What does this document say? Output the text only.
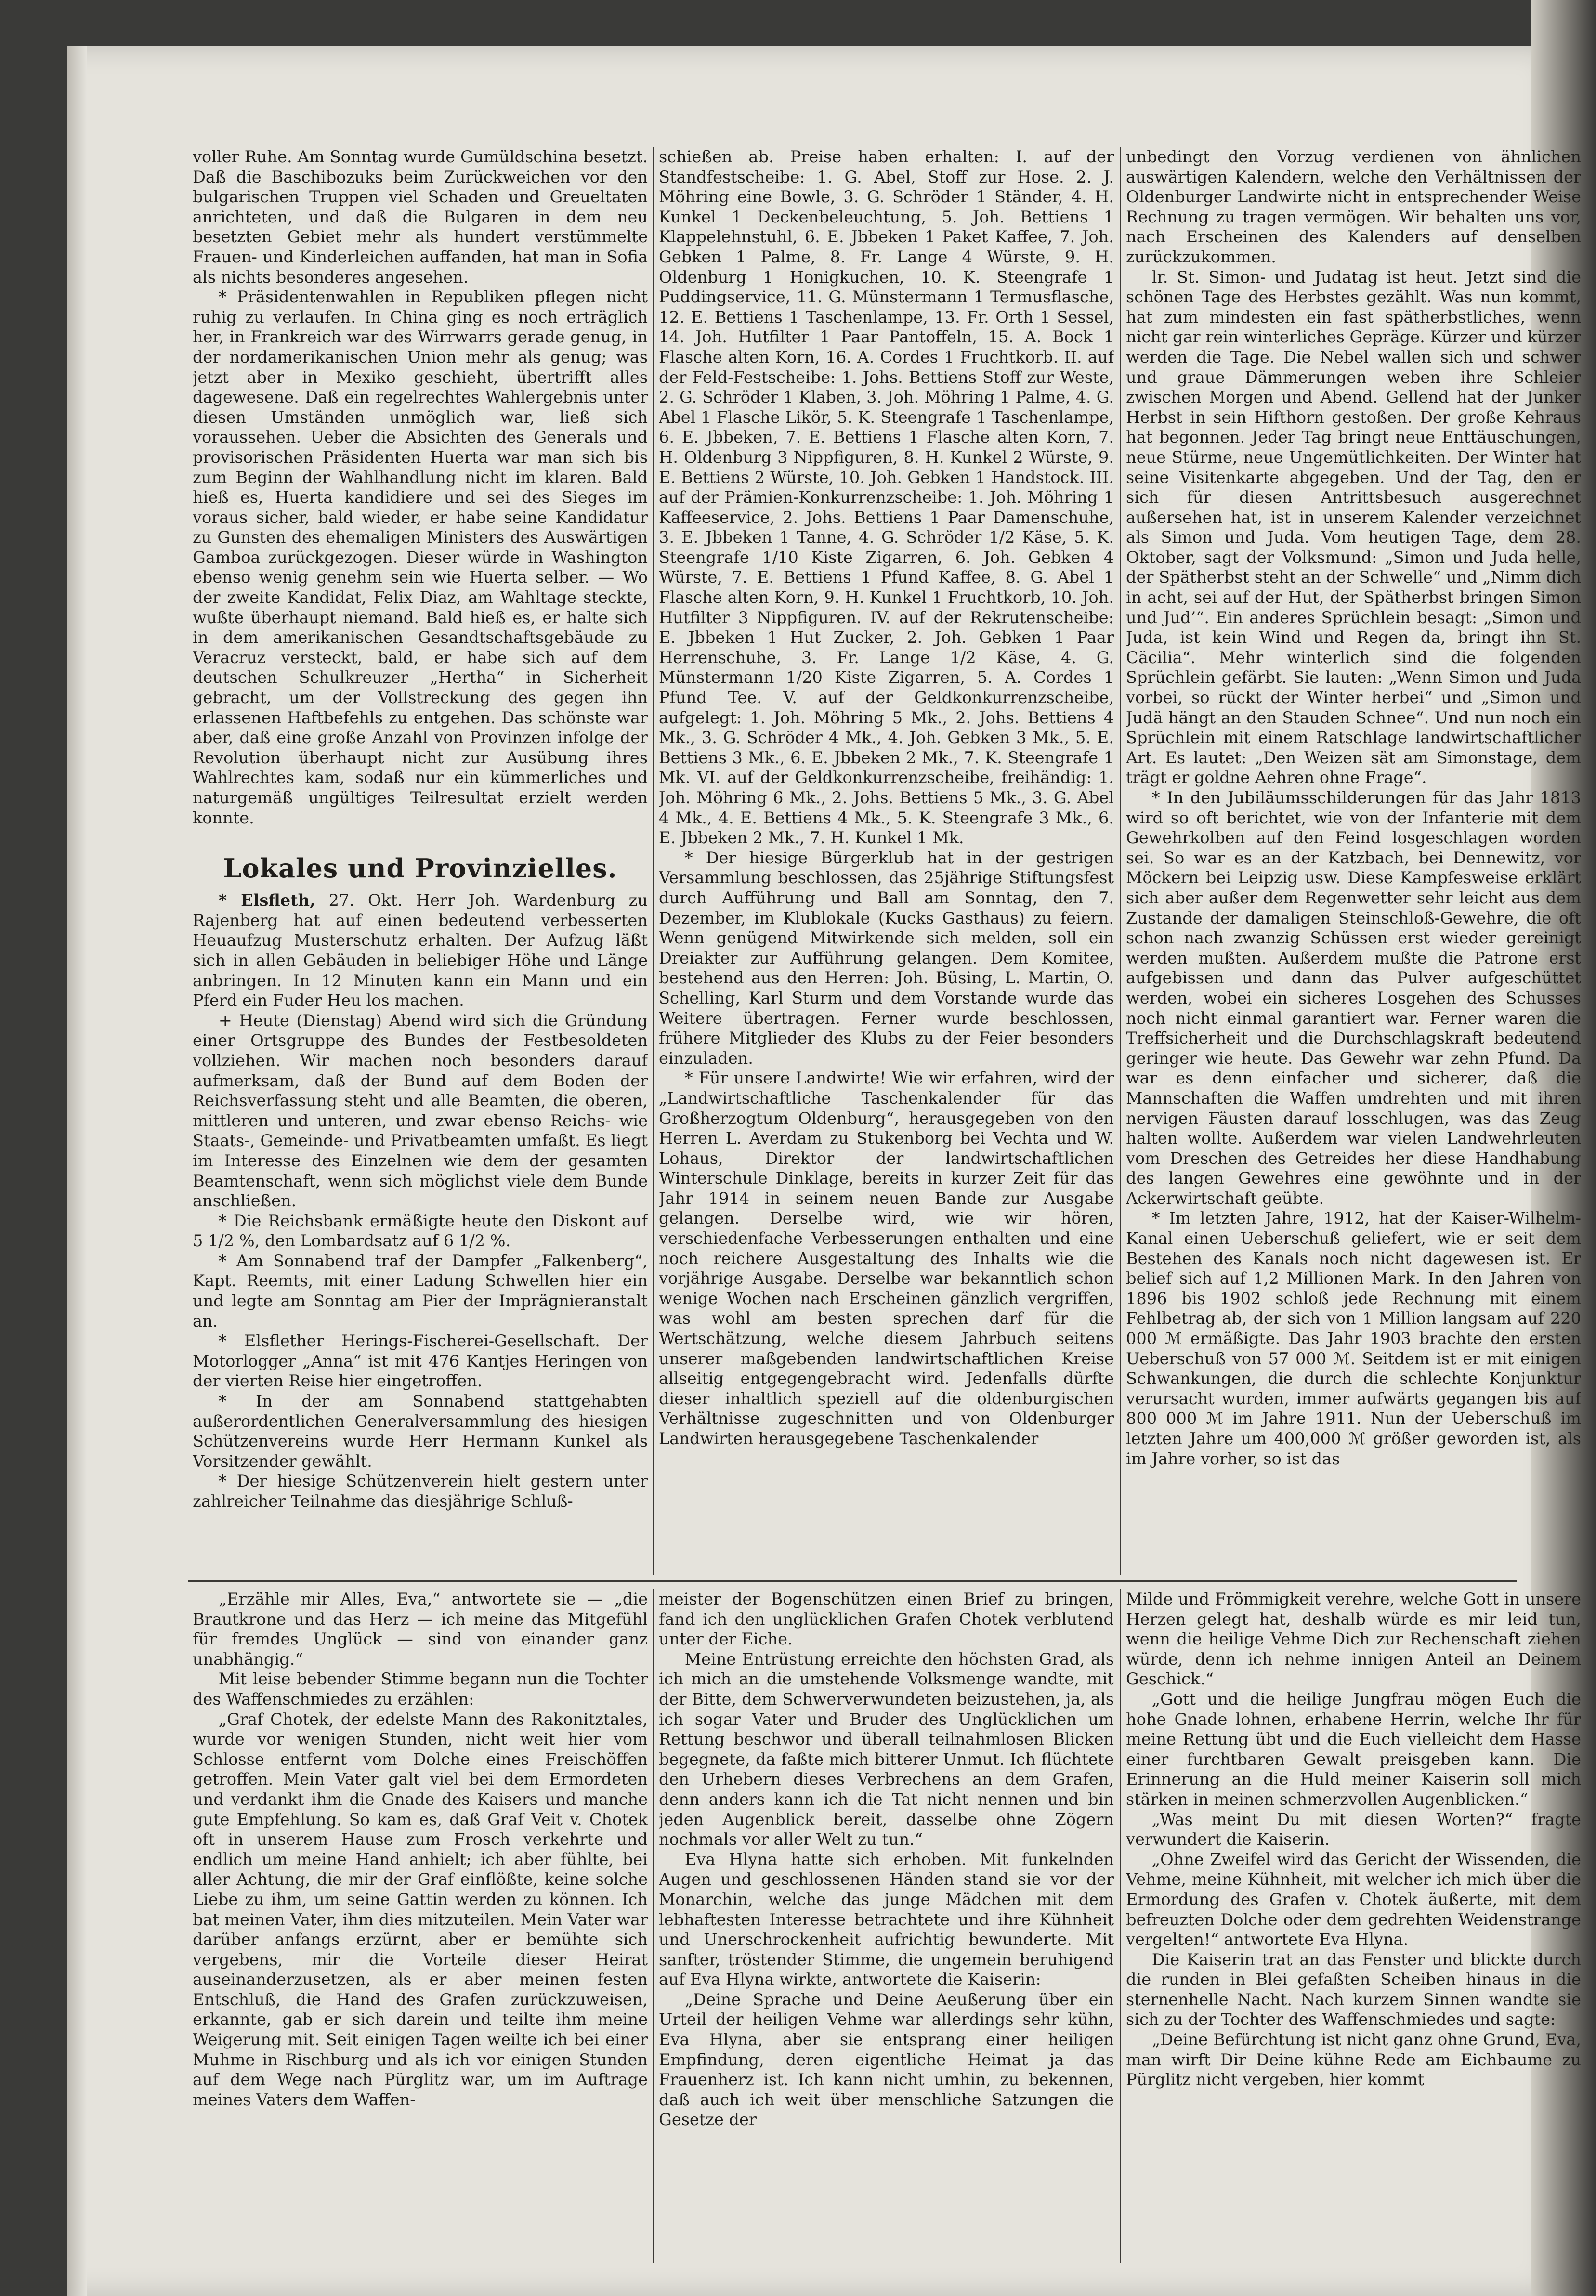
voller Ruhe. Am Sonntag wurde Gumüldschina besetzt. Daß die Baschibozuks beim Zurückweichen vor den bulgarischen Truppen viel Schaden und Greueltaten anrichteten, und daß die Bulgaren in dem neu besetzten Gebiet mehr als hundert verstümmelte Frauen- und Kinderleichen auffanden, hat man in Sofia als nichts besonderes angesehen.

* Präsidentenwahlen in Republiken pflegen nicht ruhig zu verlaufen. In China ging es noch erträglich her, in Frankreich war des Wirrwarrs gerade genug, in der nordamerikanischen Union mehr als genug; was jetzt aber in Mexiko geschieht, übertrifft alles dagewesene. Daß ein regelrechtes Wahlergebnis unter diesen Umständen unmöglich war, ließ sich voraussehen. Ueber die Absichten des Generals und provisorischen Präsidenten Huerta war man sich bis zum Beginn der Wahlhandlung nicht im klaren. Bald hieß es, Huerta kandidiere und sei des Sieges im voraus sicher, bald wieder, er habe seine Kandidatur zu Gunsten des ehemaligen Ministers des Auswärtigen Gamboa zurückgezogen. Dieser würde in Washington ebenso wenig genehm sein wie Huerta selber. — Wo der zweite Kandidat, Felix Diaz, am Wahltage steckte, wußte überhaupt niemand. Bald hieß es, er halte sich in dem amerikanischen Gesandtschaftsgebäude zu Veracruz versteckt, bald, er habe sich auf dem deutschen Schulkreuzer „Hertha“ in Sicherheit gebracht, um der Vollstreckung des gegen ihn erlassenen Haftbefehls zu entgehen. Das schönste war aber, daß eine große Anzahl von Provinzen infolge der Revolution überhaupt nicht zur Ausübung ihres Wahlrechtes kam, sodaß nur ein kümmerliches und naturgemäß ungültiges Teilresultat erzielt werden konnte.

Lokales und Provinzielles.

* Elsfleth, 27. Okt. Herr Joh. Wardenburg zu Rajenberg hat auf einen bedeutend verbesserten Heuaufzug Musterschutz erhalten. Der Aufzug läßt sich in allen Gebäuden in beliebiger Höhe und Länge anbringen. In 12 Minuten kann ein Mann und ein Pferd ein Fuder Heu los machen.

+ Heute (Dienstag) Abend wird sich die Gründung einer Ortsgruppe des Bundes der Festbesoldeten vollziehen. Wir machen noch besonders darauf aufmerksam, daß der Bund auf dem Boden der Reichsverfassung steht und alle Beamten, die oberen, mittleren und unteren, und zwar ebenso Reichs- wie Staats-, Gemeinde- und Privatbeamten umfaßt. Es liegt im Interesse des Einzelnen wie dem der gesamten Beamtenschaft, wenn sich möglichst viele dem Bunde anschließen.

* Die Reichsbank ermäßigte heute den Diskont auf 5 1/2 %, den Lombardsatz auf 6 1/2 %.

* Am Sonnabend traf der Dampfer „Falkenberg“, Kapt. Reemts, mit einer Ladung Schwellen hier ein und legte am Sonntag am Pier der Imprägnieranstalt an.

* Elsflether Herings-Fischerei-Gesellschaft. Der Motorlogger „Anna“ ist mit 476 Kantjes Heringen von der vierten Reise hier eingetroffen.

* In der am Sonnabend stattgehabten außerordentlichen Generalversammlung des hiesigen Schützenvereins wurde Herr Hermann Kunkel als Vorsitzender gewählt.

* Der hiesige Schützenverein hielt gestern unter zahlreicher Teilnahme das diesjährige Schluß-

schießen ab. Preise haben erhalten: I. auf der Standfestscheibe: 1. G. Abel, Stoff zur Hose. 2. J. Möhring eine Bowle, 3. G. Schröder 1 Ständer, 4. H. Kunkel 1 Deckenbeleuchtung, 5. Joh. Bettiens 1 Klappelehnstuhl, 6. E. Jbbeken 1 Paket Kaffee, 7. Joh. Gebken 1 Palme, 8. Fr. Lange 4 Würste, 9. H. Oldenburg 1 Honigkuchen, 10. K. Steengrafe 1 Puddingservice, 11. G. Münstermann 1 Termusflasche, 12. E. Bettiens 1 Taschenlampe, 13. Fr. Orth 1 Sessel, 14. Joh. Hutfilter 1 Paar Pantoffeln, 15. A. Bock 1 Flasche alten Korn, 16. A. Cordes 1 Fruchtkorb. II. auf der Feld-Festscheibe: 1. Johs. Bettiens Stoff zur Weste, 2. G. Schröder 1 Klaben, 3. Joh. Möhring 1 Palme, 4. G. Abel 1 Flasche Likör, 5. K. Steengrafe 1 Taschenlampe, 6. E. Jbbeken, 7. E. Bettiens 1 Flasche alten Korn, 7. H. Oldenburg 3 Nippfiguren, 8. H. Kunkel 2 Würste, 9. E. Bettiens 2 Würste, 10. Joh. Gebken 1 Handstock. III. auf der Prämien-Konkurrenzscheibe: 1. Joh. Möhring 1 Kaffeeservice, 2. Johs. Bettiens 1 Paar Damenschuhe, 3. E. Jbbeken 1 Tanne, 4. G. Schröder 1/2 Käse, 5. K. Steengrafe 1/10 Kiste Zigarren, 6. Joh. Gebken 4 Würste, 7. E. Bettiens 1 Pfund Kaffee, 8. G. Abel 1 Flasche alten Korn, 9. H. Kunkel 1 Fruchtkorb, 10. Joh. Hutfilter 3 Nippfiguren. IV. auf der Rekrutenscheibe: E. Jbbeken 1 Hut Zucker, 2. Joh. Gebken 1 Paar Herrenschuhe, 3. Fr. Lange 1/2 Käse, 4. G. Münstermann 1/20 Kiste Zigarren, 5. A. Cordes 1 Pfund Tee. V. auf der Geldkonkurrenzscheibe, aufgelegt: 1. Joh. Möhring 5 Mk., 2. Johs. Bettiens 4 Mk., 3. G. Schröder 4 Mk., 4. Joh. Gebken 3 Mk., 5. E. Bettiens 3 Mk., 6. E. Jbbeken 2 Mk., 7. K. Steengrafe 1 Mk. VI. auf der Geldkonkurrenzscheibe, freihändig: 1. Joh. Möhring 6 Mk., 2. Johs. Bettiens 5 Mk., 3. G. Abel 4 Mk., 4. E. Bettiens 4 Mk., 5. K. Steengrafe 3 Mk., 6. E. Jbbeken 2 Mk., 7. H. Kunkel 1 Mk.

* Der hiesige Bürgerklub hat in der gestrigen Versammlung beschlossen, das 25jährige Stiftungsfest durch Aufführung und Ball am Sonntag, den 7. Dezember, im Klublokale (Kucks Gasthaus) zu feiern. Wenn genügend Mitwirkende sich melden, soll ein Dreiakter zur Aufführung gelangen. Dem Komitee, bestehend aus den Herren: Joh. Büsing, L. Martin, O. Schelling, Karl Sturm und dem Vorstande wurde das Weitere übertragen. Ferner wurde beschlossen, frühere Mitglieder des Klubs zu der Feier besonders einzuladen.

* Für unsere Landwirte! Wie wir erfahren, wird der „Landwirtschaftliche Taschenkalender für das Großherzogtum Oldenburg“, herausgegeben von den Herren L. Averdam zu Stukenborg bei Vechta und W. Lohaus, Direktor der landwirtschaftlichen Winterschule Dinklage, bereits in kurzer Zeit für das Jahr 1914 in seinem neuen Bande zur Ausgabe gelangen. Derselbe wird, wie wir hören, verschiedenfache Verbesserungen enthalten und eine noch reichere Ausgestaltung des Inhalts wie die vorjährige Ausgabe. Derselbe war bekanntlich schon wenige Wochen nach Erscheinen gänzlich vergriffen, was wohl am besten sprechen darf für die Wertschätzung, welche diesem Jahrbuch seitens unserer maßgebenden landwirtschaftlichen Kreise allseitig entgegengebracht wird. Jedenfalls dürfte dieser inhaltlich speziell auf die oldenburgischen Verhältnisse zugeschnitten und von Oldenburger Landwirten herausgegebene Taschenkalender

unbedingt den Vorzug verdienen von ähnlichen auswärtigen Kalendern, welche den Verhältnissen der Oldenburger Landwirte nicht in entsprechender Weise Rechnung zu tragen vermögen. Wir behalten uns vor, nach Erscheinen des Kalenders auf denselben zurückzukommen.

lr. St. Simon- und Judatag ist heut. Jetzt sind die schönen Tage des Herbstes gezählt. Was nun kommt, hat zum mindesten ein fast spätherbstliches, wenn nicht gar rein winterliches Gepräge. Kürzer und kürzer werden die Tage. Die Nebel wallen sich und schwer und graue Dämmerungen weben ihre Schleier zwischen Morgen und Abend. Gellend hat der Junker Herbst in sein Hifthorn gestoßen. Der große Kehraus hat begonnen. Jeder Tag bringt neue Enttäuschungen, neue Stürme, neue Ungemütlichkeiten. Der Winter hat seine Visitenkarte abgegeben. Und der Tag, den er sich für diesen Antrittsbesuch ausgerechnet außersehen hat, ist in unserem Kalender verzeichnet als Simon und Juda. Vom heutigen Tage, dem 28. Oktober, sagt der Volksmund: „Simon und Juda helle, der Spätherbst steht an der Schwelle“ und „Nimm dich in acht, sei auf der Hut, der Spätherbst bringen Simon und Jud’“. Ein anderes Sprüchlein besagt: „Simon und Juda, ist kein Wind und Regen da, bringt ihn St. Cäcilia“. Mehr winterlich sind die folgenden Sprüchlein gefärbt. Sie lauten: „Wenn Simon und Juda vorbei, so rückt der Winter herbei“ und „Simon und Judä hängt an den Stauden Schnee“. Und nun noch ein Sprüchlein mit einem Ratschlage landwirtschaftlicher Art. Es lautet: „Den Weizen sät am Simonstage, dem trägt er goldne Aehren ohne Frage“.

* In den Jubiläumsschilderungen für das Jahr 1813 wird so oft berichtet, wie von der Infanterie mit dem Gewehrkolben auf den Feind losgeschlagen worden sei. So war es an der Katzbach, bei Dennewitz, vor Möckern bei Leipzig usw. Diese Kampfesweise erklärt sich aber außer dem Regenwetter sehr leicht aus dem Zustande der damaligen Steinschloß-Gewehre, die oft schon nach zwanzig Schüssen erst wieder gereinigt werden mußten. Außerdem mußte die Patrone erst aufgebissen und dann das Pulver aufgeschüttet werden, wobei ein sicheres Losgehen des Schusses noch nicht einmal garantiert war. Ferner waren die Treffsicherheit und die Durchschlagskraft bedeutend geringer wie heute. Das Gewehr war zehn Pfund. Da war es denn einfacher und sicherer, daß die Mannschaften die Waffen umdrehten und mit ihren nervigen Fäusten darauf losschlugen, was das Zeug halten wollte. Außerdem war vielen Landwehrleuten vom Dreschen des Getreides her diese Handhabung des langen Gewehres eine gewöhnte und in der Ackerwirtschaft geübte.

* Im letzten Jahre, 1912, hat der Kaiser-Wilhelm-Kanal einen Ueberschuß geliefert, wie er seit dem Bestehen des Kanals noch nicht dagewesen ist. Er belief sich auf 1,2 Millionen Mark. In den Jahren von 1896 bis 1902 schloß jede Rechnung mit einem Fehlbetrag ab, der sich von 1 Million langsam auf 220 000 ℳ ermäßigte. Das Jahr 1903 brachte den ersten Ueberschuß von 57 000 ℳ. Seitdem ist er mit einigen Schwankungen, die durch die schlechte Konjunktur verursacht wurden, immer aufwärts gegangen bis auf 800 000 ℳ im Jahre 1911. Nun der Ueberschuß im letzten Jahre um 400,000 ℳ größer geworden ist, als im Jahre vorher, so ist das

„Erzähle mir Alles, Eva,“ antwortete sie — „die Brautkrone und das Herz — ich meine das Mitgefühl für fremdes Unglück — sind von einander ganz unabhängig.“

Mit leise bebender Stimme begann nun die Tochter des Waffenschmiedes zu erzählen:

„Graf Chotek, der edelste Mann des Rakonitztales, wurde vor wenigen Stunden, nicht weit hier vom Schlosse entfernt vom Dolche eines Freischöffen getroffen. Mein Vater galt viel bei dem Ermordeten und verdankt ihm die Gnade des Kaisers und manche gute Empfehlung. So kam es, daß Graf Veit v. Chotek oft in unserem Hause zum Frosch verkehrte und endlich um meine Hand anhielt; ich aber fühlte, bei aller Achtung, die mir der Graf einflößte, keine solche Liebe zu ihm, um seine Gattin werden zu können. Ich bat meinen Vater, ihm dies mitzuteilen. Mein Vater war darüber anfangs erzürnt, aber er bemühte sich vergebens, mir die Vorteile dieser Heirat auseinanderzusetzen, als er aber meinen festen Entschluß, die Hand des Grafen zurückzuweisen, erkannte, gab er sich darein und teilte ihm meine Weigerung mit. Seit einigen Tagen weilte ich bei einer Muhme in Rischburg und als ich vor einigen Stunden auf dem Wege nach Pürglitz war, um im Auftrage meines Vaters dem Waffen-

meister der Bogenschützen einen Brief zu bringen, fand ich den unglücklichen Grafen Chotek verblutend unter der Eiche.

Meine Entrüstung erreichte den höchsten Grad, als ich mich an die umstehende Volksmenge wandte, mit der Bitte, dem Schwerverwundeten beizustehen, ja, als ich sogar Vater und Bruder des Unglücklichen um Rettung beschwor und überall teilnahmlosen Blicken begegnete, da faßte mich bitterer Unmut. Ich flüchtete den Urhebern dieses Verbrechens an dem Grafen, denn anders kann ich die Tat nicht nennen und bin jeden Augenblick bereit, dasselbe ohne Zögern nochmals vor aller Welt zu tun.“

Eva Hlyna hatte sich erhoben. Mit funkelnden Augen und geschlossenen Händen stand sie vor der Monarchin, welche das junge Mädchen mit dem lebhaftesten Interesse betrachtete und ihre Kühnheit und Unerschrockenheit aufrichtig bewunderte. Mit sanfter, tröstender Stimme, die ungemein beruhigend auf Eva Hlyna wirkte, antwortete die Kaiserin:

„Deine Sprache und Deine Aeußerung über ein Urteil der heiligen Vehme war allerdings sehr kühn, Eva Hlyna, aber sie entsprang einer heiligen Empfindung, deren eigentliche Heimat ja das Frauenherz ist. Ich kann nicht umhin, zu bekennen, daß auch ich weit über menschliche Satzungen die Gesetze der

Milde und Frömmigkeit verehre, welche Gott in unsere Herzen gelegt hat, deshalb würde es mir leid tun, wenn die heilige Vehme Dich zur Rechenschaft ziehen würde, denn ich nehme innigen Anteil an Deinem Geschick.“

„Gott und die heilige Jungfrau mögen Euch die hohe Gnade lohnen, erhabene Herrin, welche Ihr für meine Rettung übt und die Euch vielleicht dem Hasse einer furchtbaren Gewalt preisgeben kann. Die Erinnerung an die Huld meiner Kaiserin soll mich stärken in meinen schmerzvollen Augenblicken.“

„Was meint Du mit diesen Worten?“ fragte verwundert die Kaiserin.

„Ohne Zweifel wird das Gericht der Wissenden, die Vehme, meine Kühnheit, mit welcher ich mich über die Ermordung des Grafen v. Chotek äußerte, mit dem befreuzten Dolche oder dem gedrehten Weidenstrange vergelten!“ antwortete Eva Hlyna.

Die Kaiserin trat an das Fenster und blickte durch die runden in Blei gefaßten Scheiben hinaus in die sternenhelle Nacht. Nach kurzem Sinnen wandte sie sich zu der Tochter des Waffenschmiedes und sagte:

„Deine Befürchtung ist nicht ganz ohne Grund, Eva, man wirft Dir Deine kühne Rede am Eichbaume zu Pürglitz nicht vergeben, hier kommt
